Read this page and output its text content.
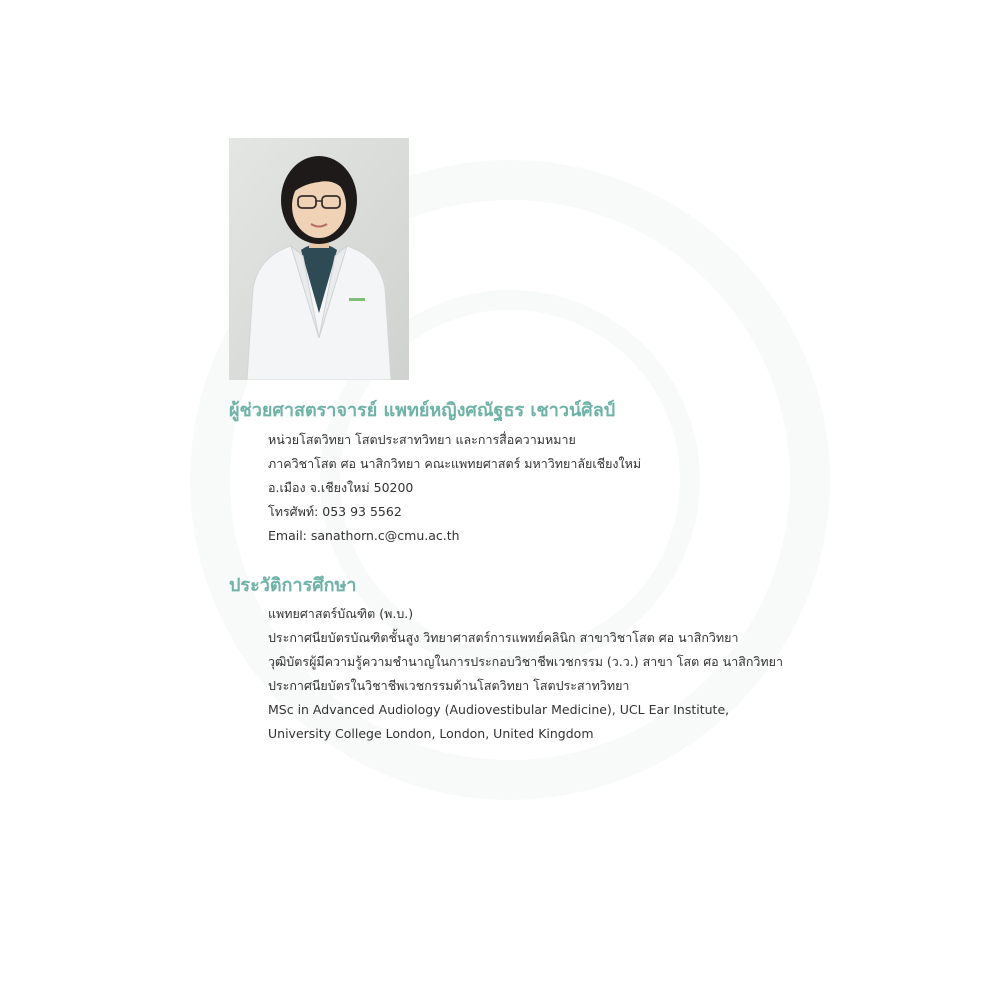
ผู้ช่วยศาสตราจารย์ แพทย์หญิงศณัฐธร เชาวน์ศิลป์
หน่วยโสตวิทยา โสตประสาทวิทยา และการสื่อความหมาย
ภาควิชาโสต ศอ นาสิกวิทยา คณะแพทยศาสตร์ มหาวิทยาลัยเชียงใหม่
อ.เมือง จ.เชียงใหม่ 50200
โทรศัพท์: 053 93 5562
Email: sanathorn.c@cmu.ac.th
ประวัติการศึกษา
แพทยศาสตร์บัณฑิต (พ.บ.)
ประกาศนียบัตรบัณฑิตชั้นสูง วิทยาศาสตร์การแพทย์คลินิก สาขาวิชาโสต ศอ นาสิกวิทยา
วุฒิบัตรผู้มีความรู้ความชำนาญในการประกอบวิชาชีพเวชกรรม (ว.ว.) สาขา โสต ศอ นาสิกวิทยา
ประกาศนียบัตรในวิชาชีพเวชกรรมด้านโสตวิทยา โสตประสาทวิทยา
MSc in Advanced Audiology (Audiovestibular Medicine), UCL Ear Institute,
University College London, London, United Kingdom
